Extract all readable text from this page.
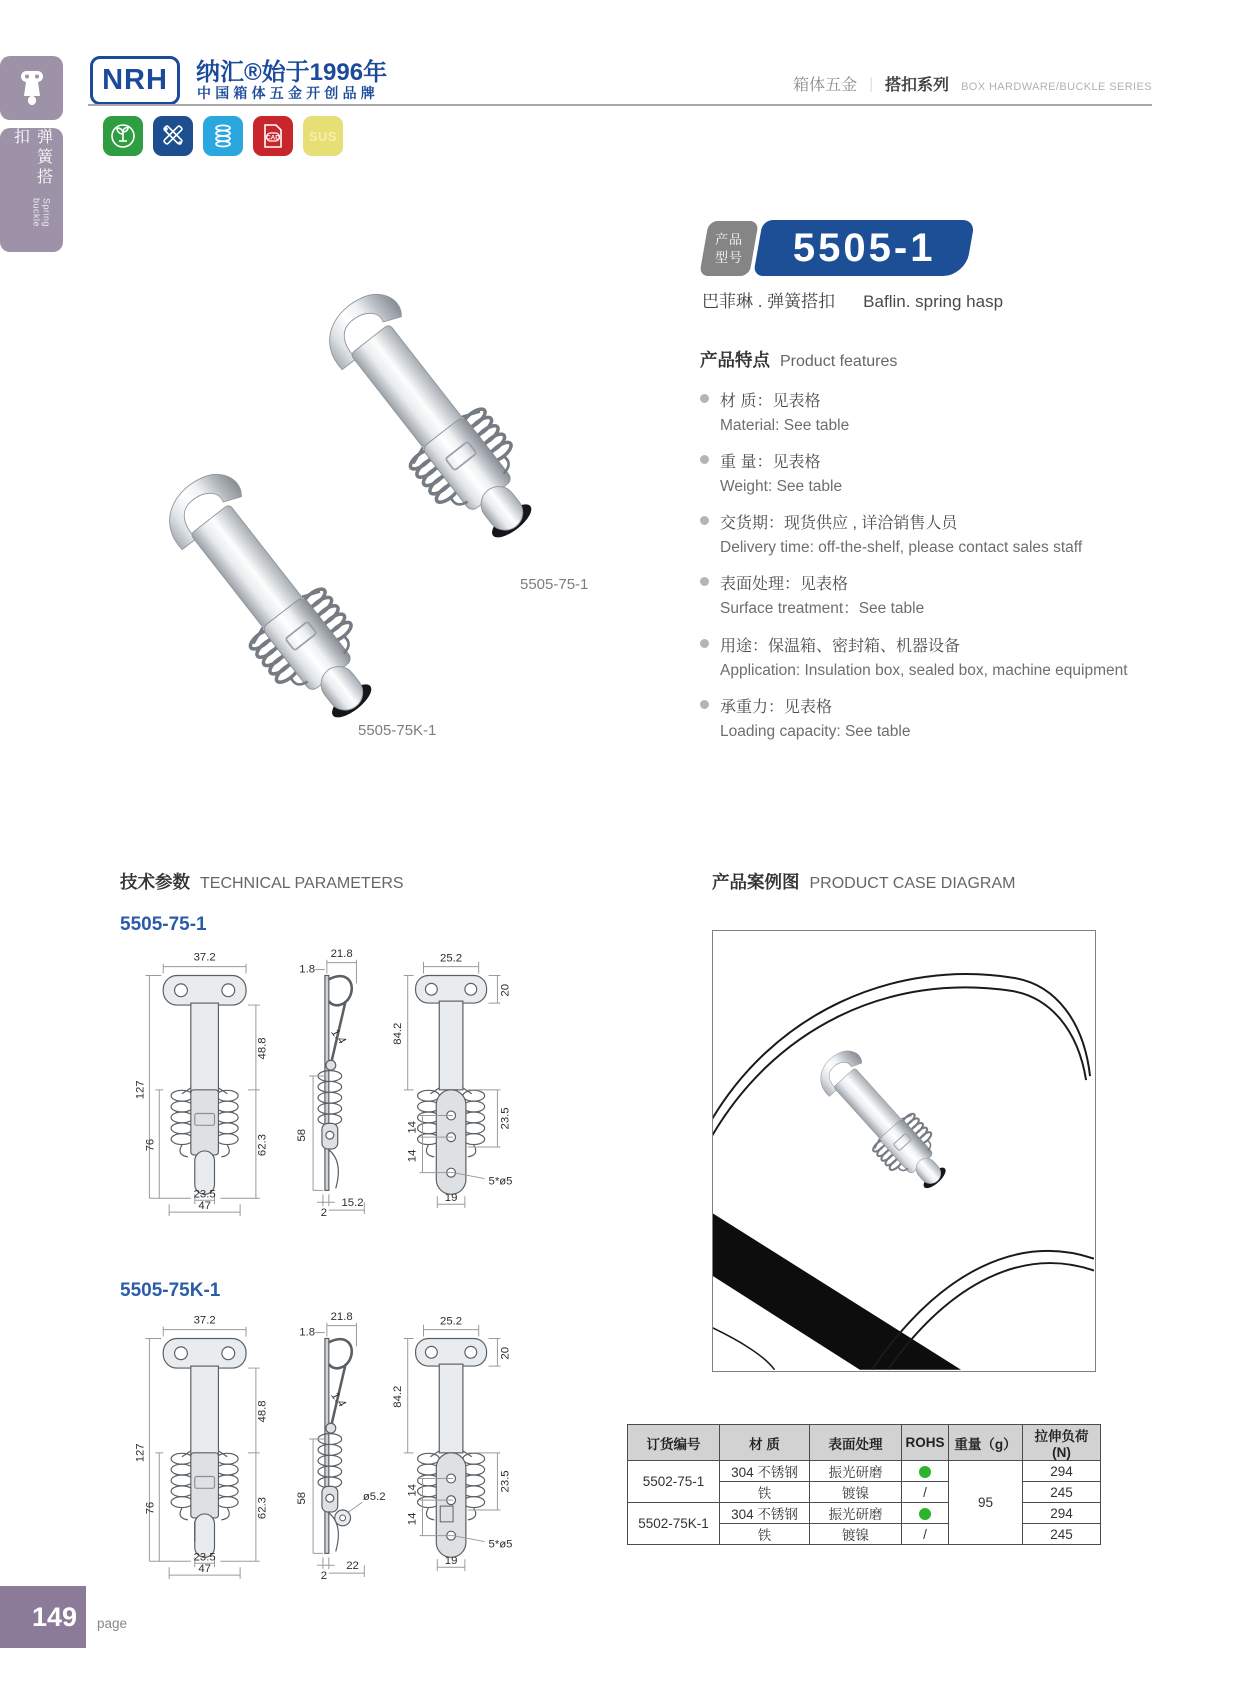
弹簧搭扣
Spring buckle
NRH 纳汇®始于1996年
中国箱体五金开创品牌	箱体五金 ｜ 搭扣系列 BOX HARDWARE/BUCKLE SERIES
CAD SUS
5505-75-1
5505-75K-1
产品
型号 5505-1
巴菲琳 . 弹簧搭扣 Baflin. spring hasp
产品特点 Product features
材 质：见表格
Material: See table
重 量：见表格
Weight: See table
交货期：现货供应 , 详洽销售人员
Delivery time: off-the-shelf, please contact sales staff
表面处理：见表格
Surface treatment：See table
用途：保温箱、密封箱、机器设备
Application: Insulation box, sealed box, machine equipment
承重力：见表格
Loading capacity: See table
技术参数 TECHNICAL PARAMETERS	产品案例图 PRODUCT CASE DIAGRAM
5505-75-1
37.2
127
76
48.8
62.3
23.5
47
21.8
1.8
1.4
58
2
15.2
25.2
20
84.2
23.5
14
14
5*ø5
19
5505-75K-1
37.2
127
76
48.8
62.3
23.5
47
21.8
1.8
1.4
58	ø5.2
2
22
25.2
20
84.2
23.5
14
14
5*ø5
19
订货编号	材 质	表面处理	ROHS	重量（g）	拉伸负荷 (N)
5502-75-1	304 不锈钢	振光研磨		95	294
	铁	镀镍	/		245
5502-75K-1	304 不锈钢	振光研磨			294
	铁	镀镍	/		245
149 page
